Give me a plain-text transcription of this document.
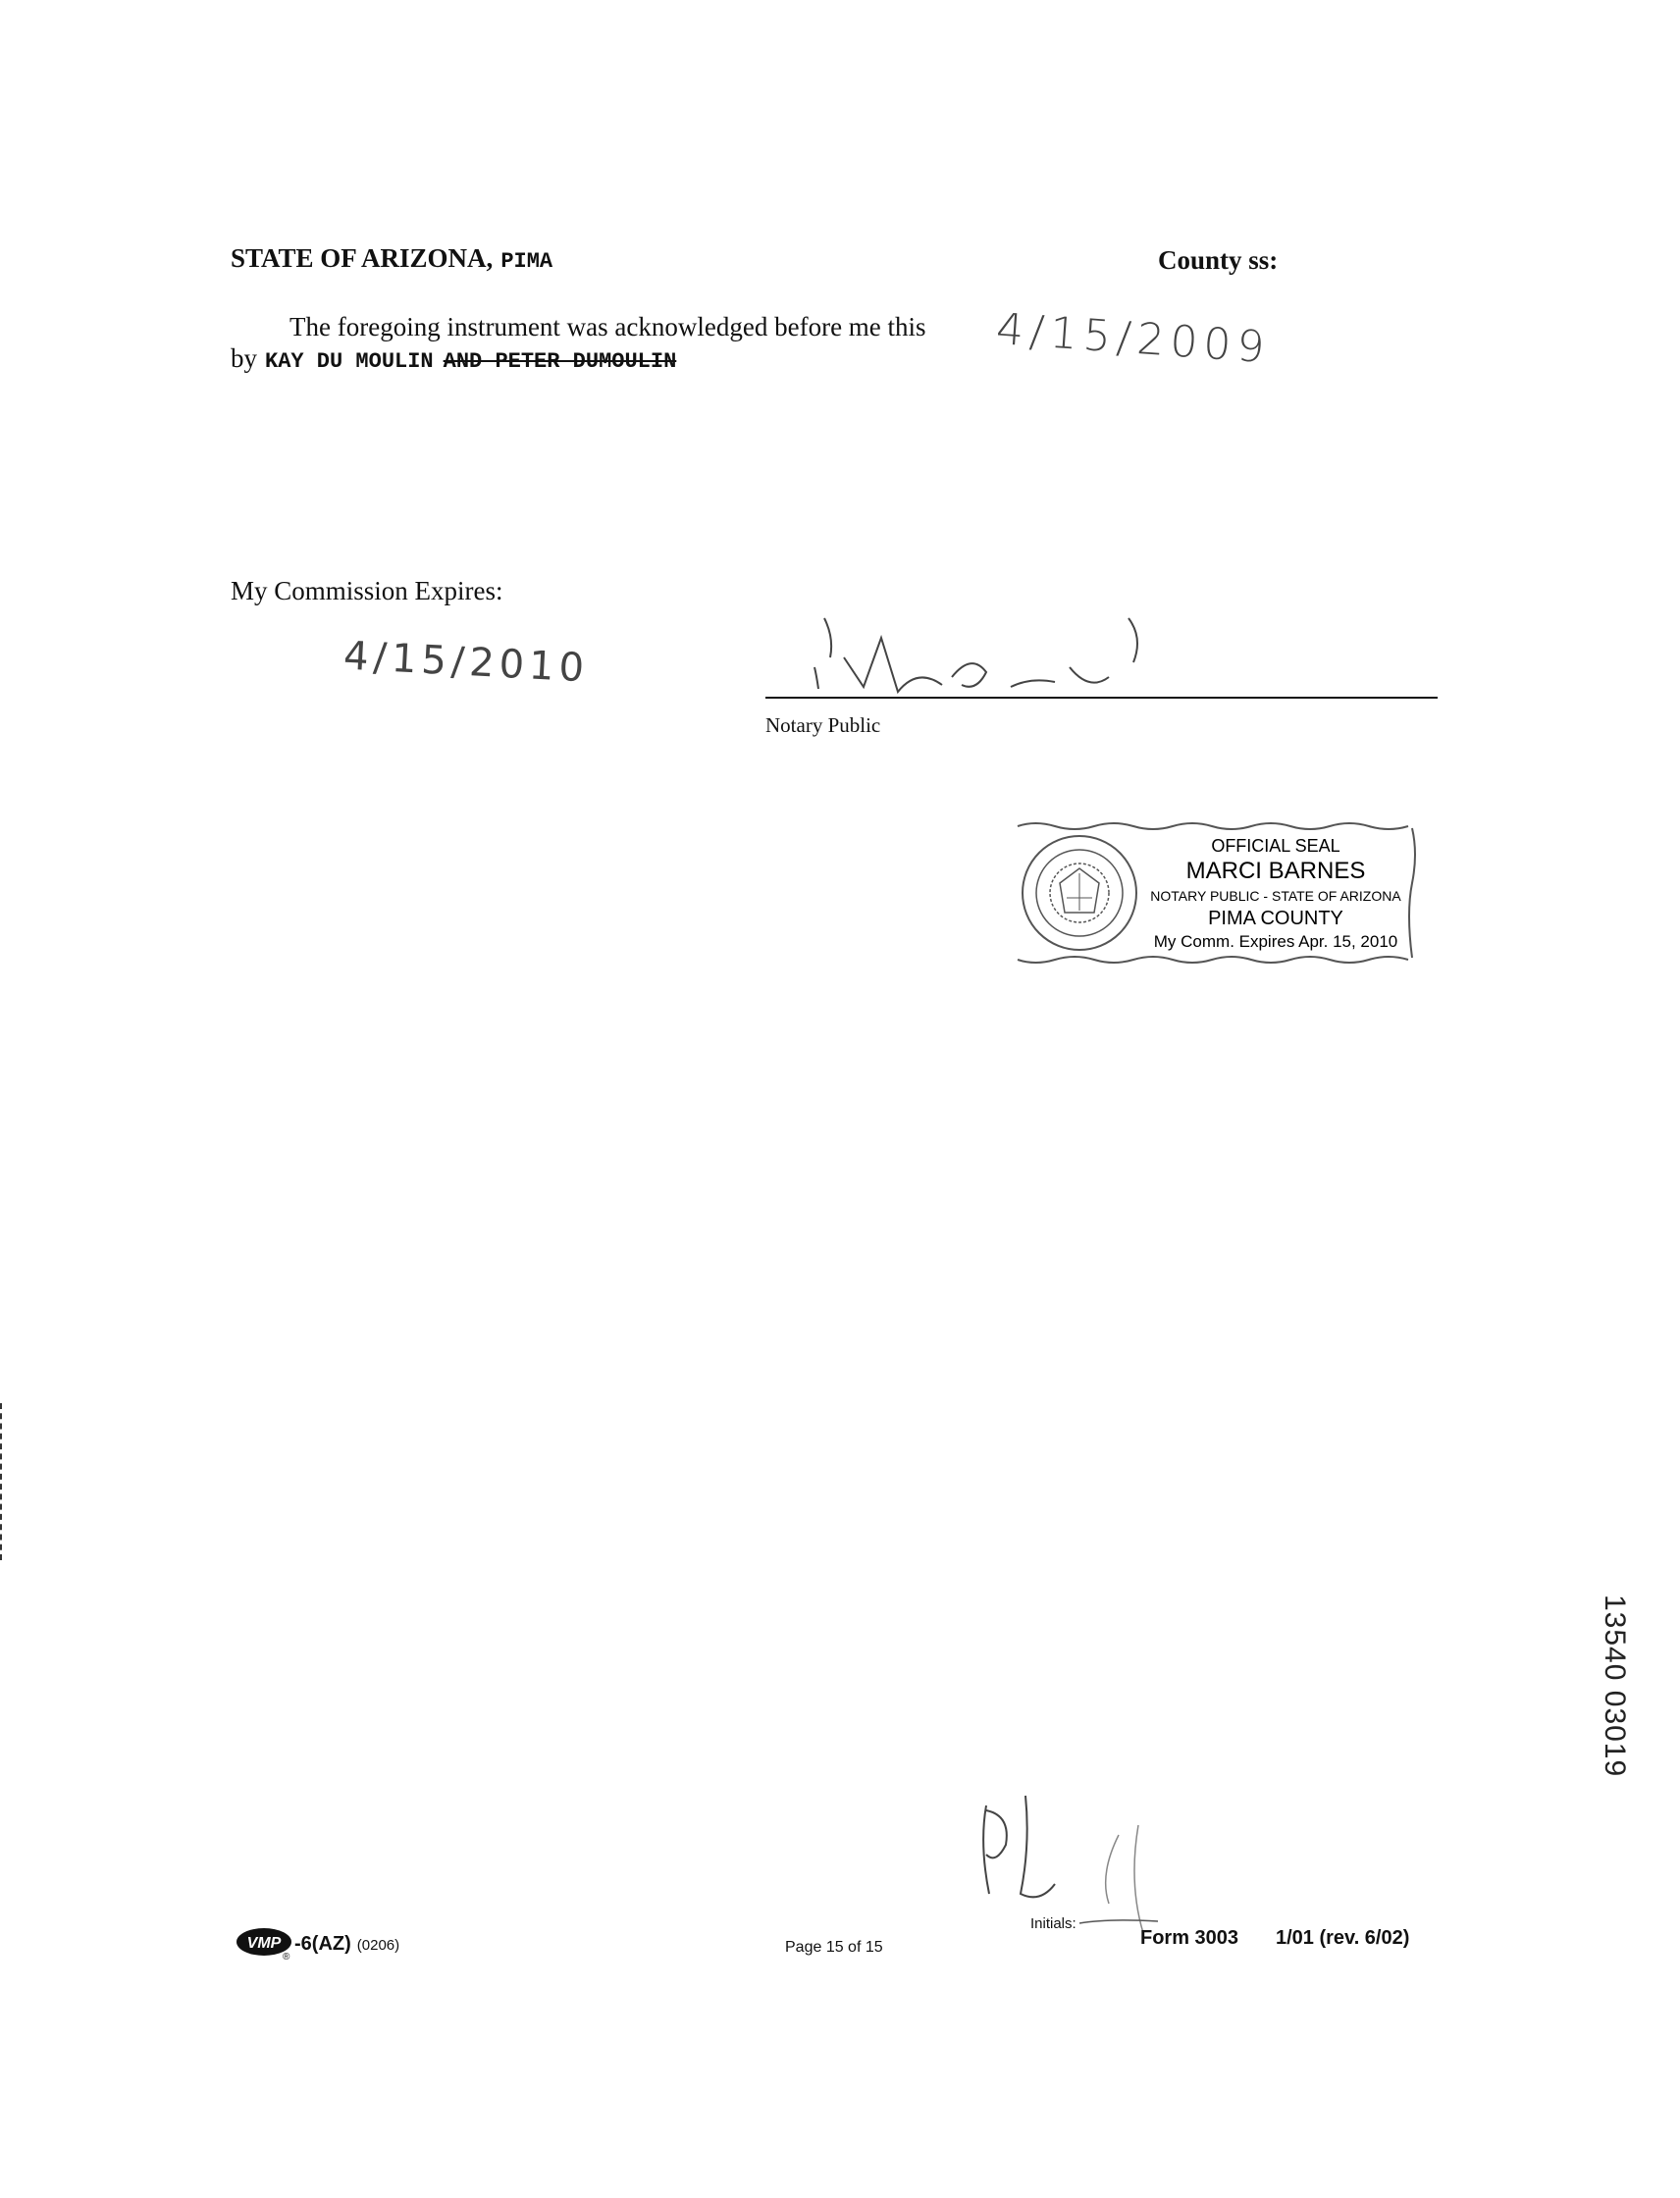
STATE OF ARIZONA, PIMA	County ss:
The foregoing instrument was acknowledged before me this
by KAY DU MOULIN AND PETER DUMOULIN	4/15/2009
My Commission Expires:
4/15/2010
Notary Public
OFFICIAL SEAL
MARCI BARNES
NOTARY PUBLIC - STATE OF ARIZONA
PIMA COUNTY
My Comm. Expires Apr. 15, 2010
VMP
®
-6(AZ) (0206)	Page 15 of 15
Initials:
Form 3003 1/01 (rev. 6/02)
13540 03019
